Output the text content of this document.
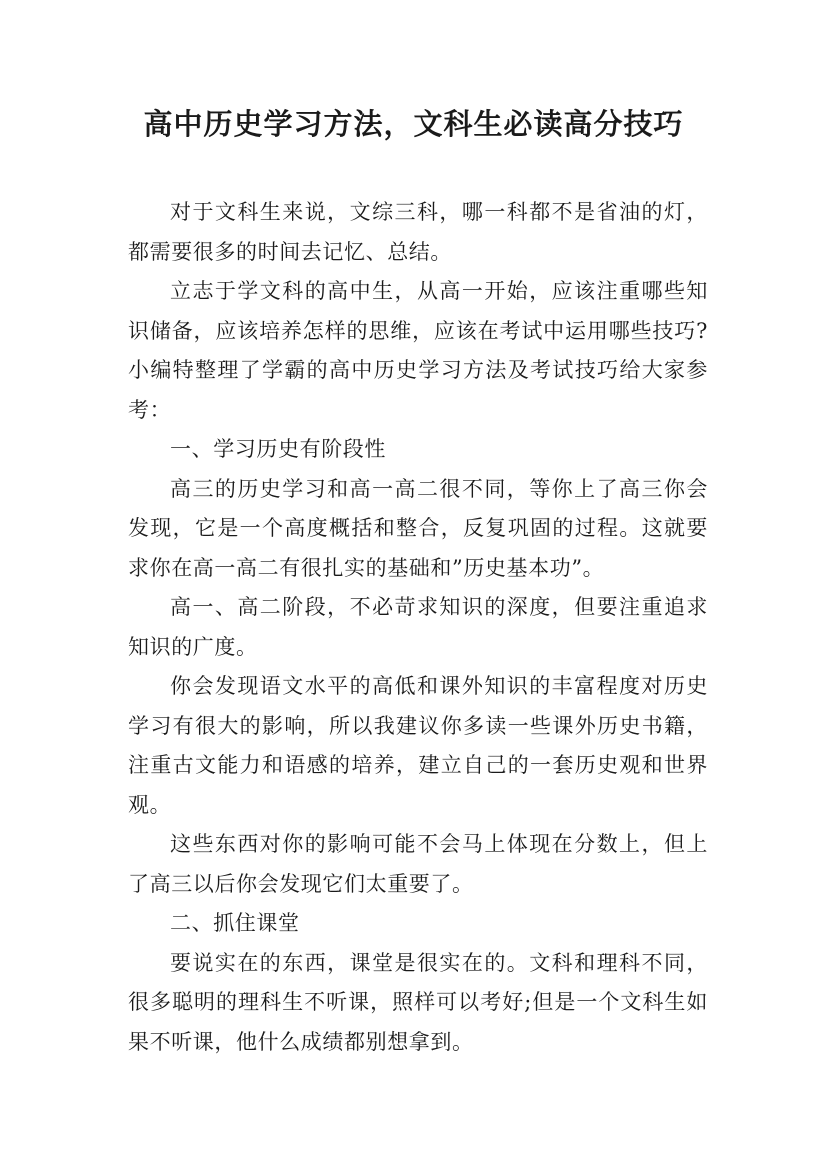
高中历史学习方法，文科生必读高分技巧

对于文科生来说，文综三科，哪一科都不是省油的灯，都需要很多的时间去记忆、总结。

立志于学文科的高中生，从高一开始，应该注重哪些知识储备，应该培养怎样的思维，应该在考试中运用哪些技巧?小编特整理了学霸的高中历史学习方法及考试技巧给大家参考：

一、学习历史有阶段性

高三的历史学习和高一高二很不同，等你上了高三你会发现，它是一个高度概括和整合，反复巩固的过程。这就要求你在高一高二有很扎实的基础和”历史基本功”。

高一、高二阶段，不必苛求知识的深度，但要注重追求知识的广度。

你会发现语文水平的高低和课外知识的丰富程度对历史学习有很大的影响，所以我建议你多读一些课外历史书籍，注重古文能力和语感的培养，建立自己的一套历史观和世界观。

这些东西对你的影响可能不会马上体现在分数上，但上了高三以后你会发现它们太重要了。

二、抓住课堂

要说实在的东西，课堂是很实在的。文科和理科不同，很多聪明的理科生不听课，照样可以考好;但是一个文科生如果不听课，他什么成绩都别想拿到。
